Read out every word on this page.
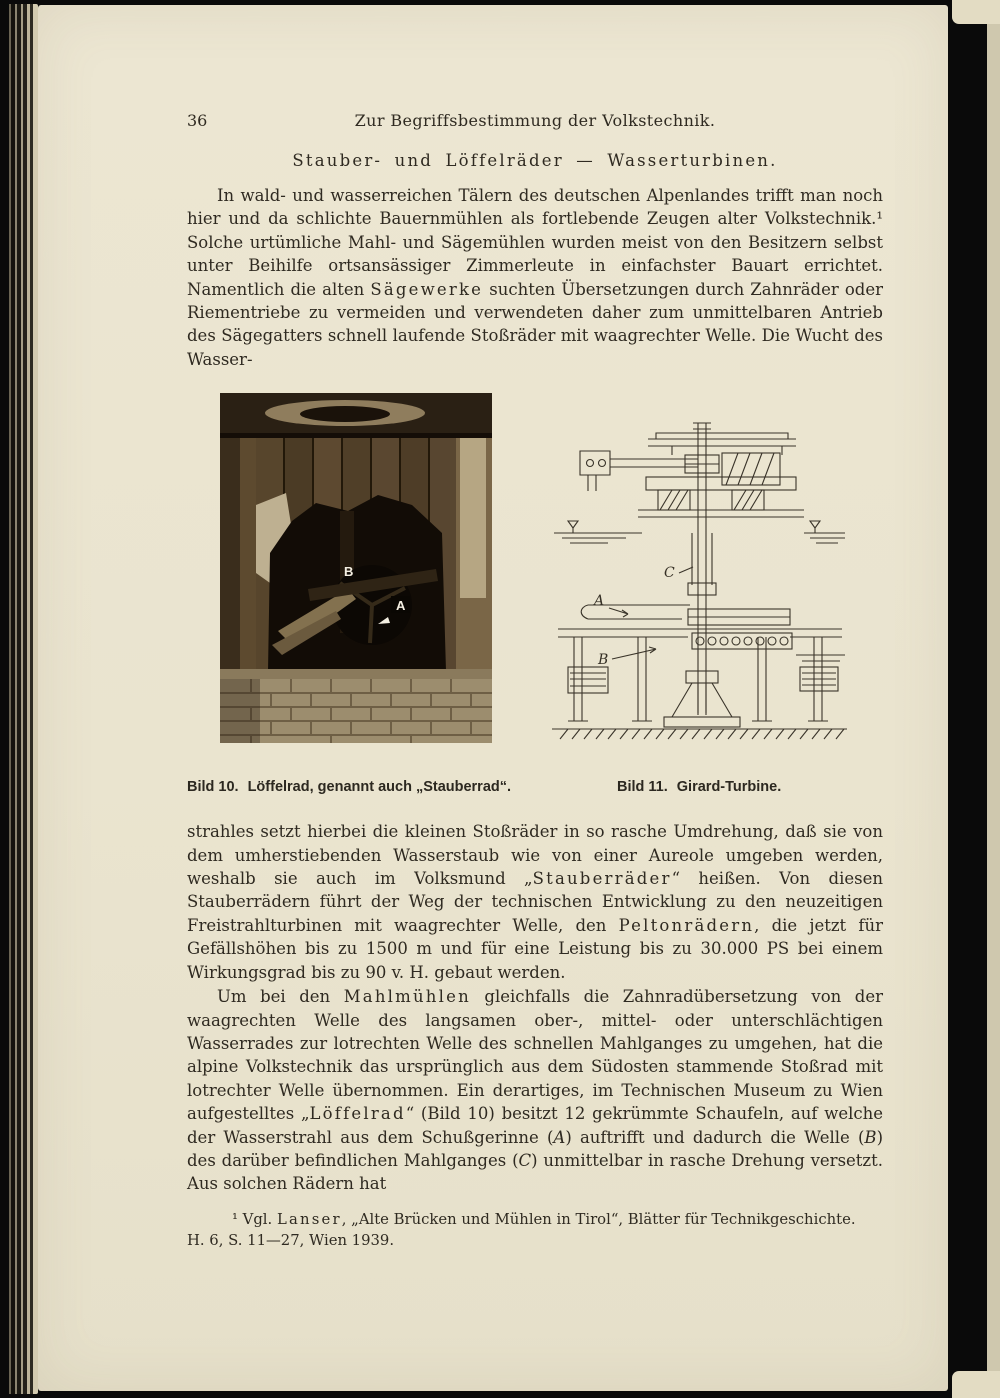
36	Zur Begriffsbestimmung der Volkstechnik.
Stauber- und Löffelräder — Wasserturbinen.

In wald- und wasserreichen Tälern des deutschen Alpenlandes trifft man noch hier und da schlichte Bauernmühlen als fortlebende Zeugen alter Volkstechnik.¹ Solche urtümliche Mahl- und Sägemühlen wurden meist von den Besitzern selbst unter Beihilfe ortsansässiger Zimmerleute in einfachster Bauart errichtet. Namentlich die alten Sägewerke suchten Übersetzungen durch Zahnräder oder Riementriebe zu vermeiden und verwendeten daher zum unmittelbaren Antrieb des Sägegatters schnell laufende Stoßräder mit waagrechter Welle. Die Wucht des Wasser-

B
A
C
A
B
Bild 10. Löffelrad, genannt auch „Stauberrad“.	Bild 11. Girard-Turbine.

strahles setzt hierbei die kleinen Stoßräder in so rasche Umdrehung, daß sie von dem umherstiebenden Wasserstaub wie von einer Aureole umgeben werden, weshalb sie auch im Volksmund „Stauberräder“ heißen. Von diesen Stauberrädern führt der Weg der technischen Entwicklung zu den neuzeitigen Freistrahlturbinen mit waagrechter Welle, den Peltonrädern, die jetzt für Gefällshöhen bis zu 1500 m und für eine Leistung bis zu 30.000 PS bei einem Wirkungsgrad bis zu 90 v. H. gebaut werden.

Um bei den Mahlmühlen gleichfalls die Zahnradübersetzung von der waagrechten Welle des langsamen ober-, mittel- oder unterschlächtigen Wasserrades zur lotrechten Welle des schnellen Mahlganges zu umgehen, hat die alpine Volkstechnik das ursprünglich aus dem Südosten stammende Stoßrad mit lotrechter Welle übernommen. Ein derartiges, im Technischen Museum zu Wien aufgestelltes „Löffelrad“ (Bild 10) besitzt 12 gekrümmte Schaufeln, auf welche der Wasserstrahl aus dem Schußgerinne (A) auftrifft und dadurch die Welle (B) des darüber befindlichen Mahlganges (C) unmittelbar in rasche Drehung versetzt. Aus solchen Rädern hat

¹ Vgl. Lanser, „Alte Brücken und Mühlen in Tirol“, Blätter für Technikgeschichte.
H. 6, S. 11—27, Wien 1939.
